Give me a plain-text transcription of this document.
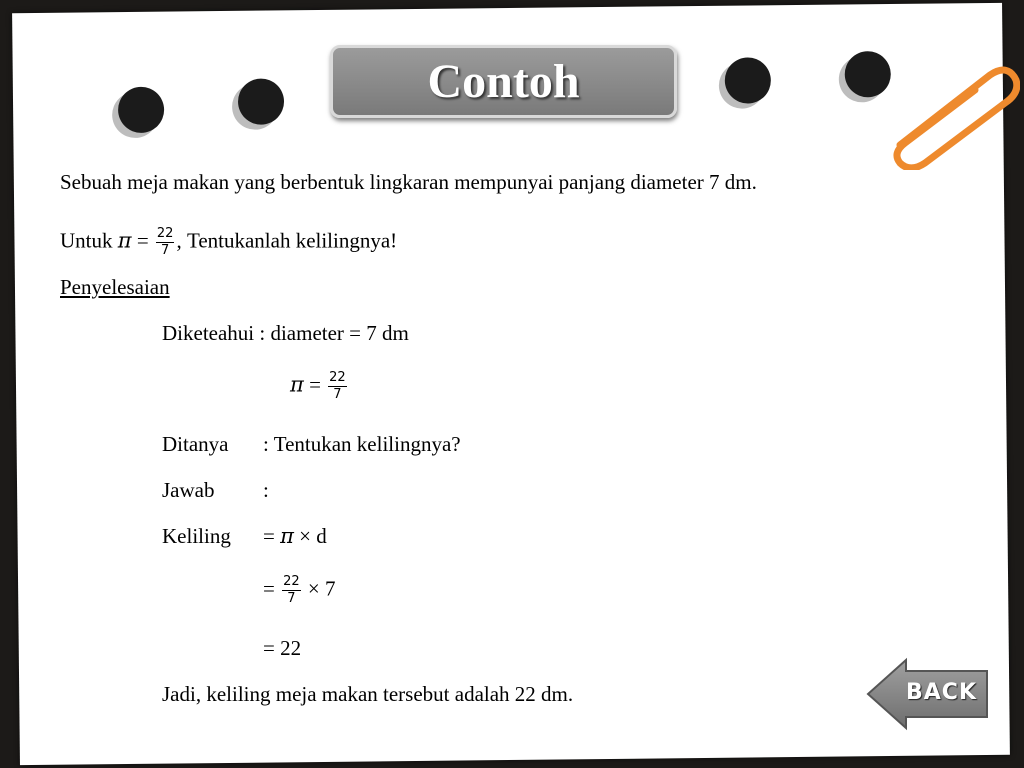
Contoh
Sebuah meja makan yang berbentuk lingkaran mempunyai panjang diameter 7 dm.
Untuk $\pi = \frac{22}{7}$ , Tentukanlah kelilingnya!
Penyelesaian
Diketeahui : diameter = 7 dm
$\pi = \frac{22}{7}$
Ditanya : Tentukan kelilingnya?
Jawab :
Keliling = π × d
= $\frac{22}{7} \times 7$
= 22
Jadi, keliling meja makan tersebut adalah 22 dm.	BACK
